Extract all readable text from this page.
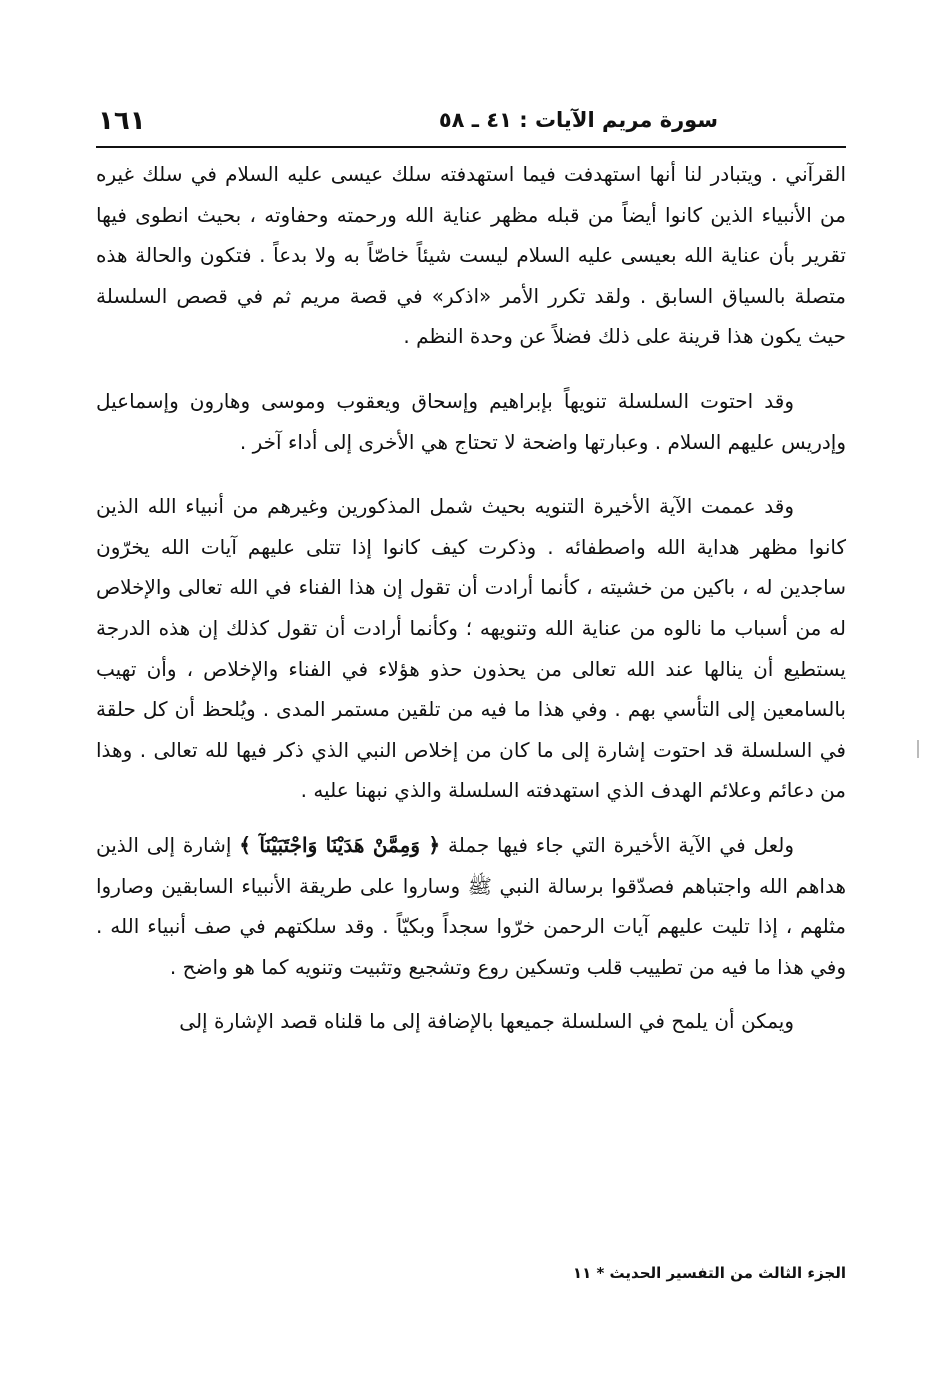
سورة مريم الآيات : ٤١ ـ ٥٨
١٦١

القرآني . ويتبادر لنا أنها استهدفت فيما استهدفته سلك عيسى عليه السلام في سلك غيره من الأنبياء الذين كانوا أيضاً من قبله مظهر عناية الله ورحمته وحفاوته ، بحيث انطوى فيها تقرير بأن عناية الله بعيسى عليه السلام ليست شيئاً خاصّاً به ولا بدعاً . فتكون والحالة هذه متصلة بالسياق السابق . ولقد تكرر الأمر «اذكر» في قصة مريم ثم في قصص السلسلة حيث يكون هذا قرينة على ذلك فضلاً عن وحدة النظم .

وقد احتوت السلسلة تنويهاً بإبراهيم وإسحاق ويعقوب وموسى وهارون وإسماعيل وإدريس عليهم السلام . وعبارتها واضحة لا تحتاج هي الأخرى إلى أداء آخر .

وقد عممت الآية الأخيرة التنويه بحيث شمل المذكورين وغيرهم من أنبياء الله الذين كانوا مظهر هداية الله واصطفائه . وذكرت كيف كانوا إذا تتلى عليهم آيات الله يخرّون ساجدين له ، باكين من خشيته ، كأنما أرادت أن تقول إن هذا الفناء في الله تعالى والإخلاص له من أسباب ما نالوه من عناية الله وتنويهه ؛ وكأنما أرادت أن تقول كذلك إن هذه الدرجة يستطيع أن ينالها عند الله تعالى من يحذون حذو هؤلاء في الفناء والإخلاص ، وأن تهيب بالسامعين إلى التأسي بهم . وفي هذا ما فيه من تلقين مستمر المدى . ويُلحظ أن كل حلقة في السلسلة قد احتوت إشارة إلى ما كان من إخلاص النبي الذي ذكر فيها لله تعالى . وهذا من دعائم وعلائم الهدف الذي استهدفته السلسلة والذي نبهنا عليه .

ولعل في الآية الأخيرة التي جاء فيها جملة ﴿ وَمِمَّنْ هَدَيْنَا وَاجْتَبَيْنَآ ﴾ إشارة إلى الذين هداهم الله واجتباهم فصدّقوا برسالة النبي ﷺ وساروا على طريقة الأنبياء السابقين وصاروا مثلهم ، إذا تليت عليهم آيات الرحمن خرّوا سجداً وبكيّاً . وقد سلكتهم في صف أنبياء الله . وفي هذا ما فيه من تطييب قلب وتسكين روع وتشجيع وتثبيت وتنويه كما هو واضح .

ويمكن أن يلمح في السلسلة جميعها بالإضافة إلى ما قلناه قصد الإشارة إلى

الجزء الثالث من التفسير الحديث * ١١
